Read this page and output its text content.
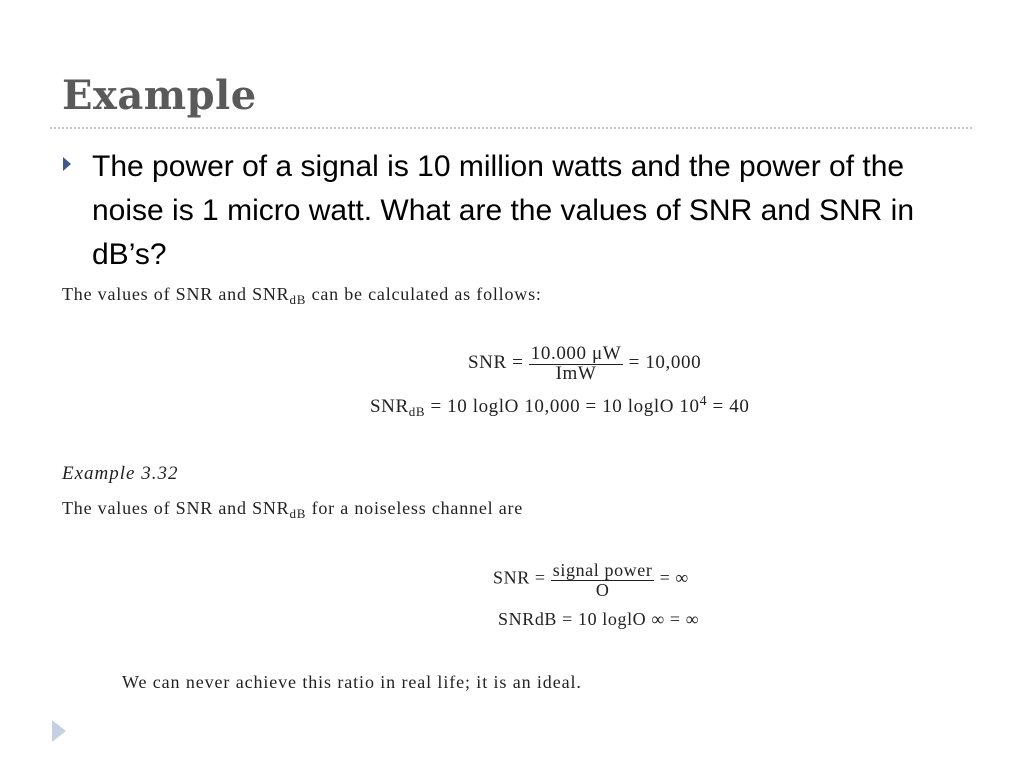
Example
The power of a signal is 10 million watts and the power of the noise is 1 micro watt. What are the values of SNR and SNR in dB’s?
The values of SNR and $SNR_{dB}$ can be calculated as follows:
SNR = $\frac{10.000 \mu W}{\text{ImW}} = 10,000$
$SNR_{dB} = 10$ loglO 10,000 = 10 loglO $10^4 = 40$
Example 3.32
The values of SNR and $SNR_{dB}$ for a noiseless channel are
SNR = $\frac{\text{signal power}}{O}$ = ∞
SNRdB = 10 loglO ∞ = ∞
We can never achieve this ratio in real life; it is an ideal.
